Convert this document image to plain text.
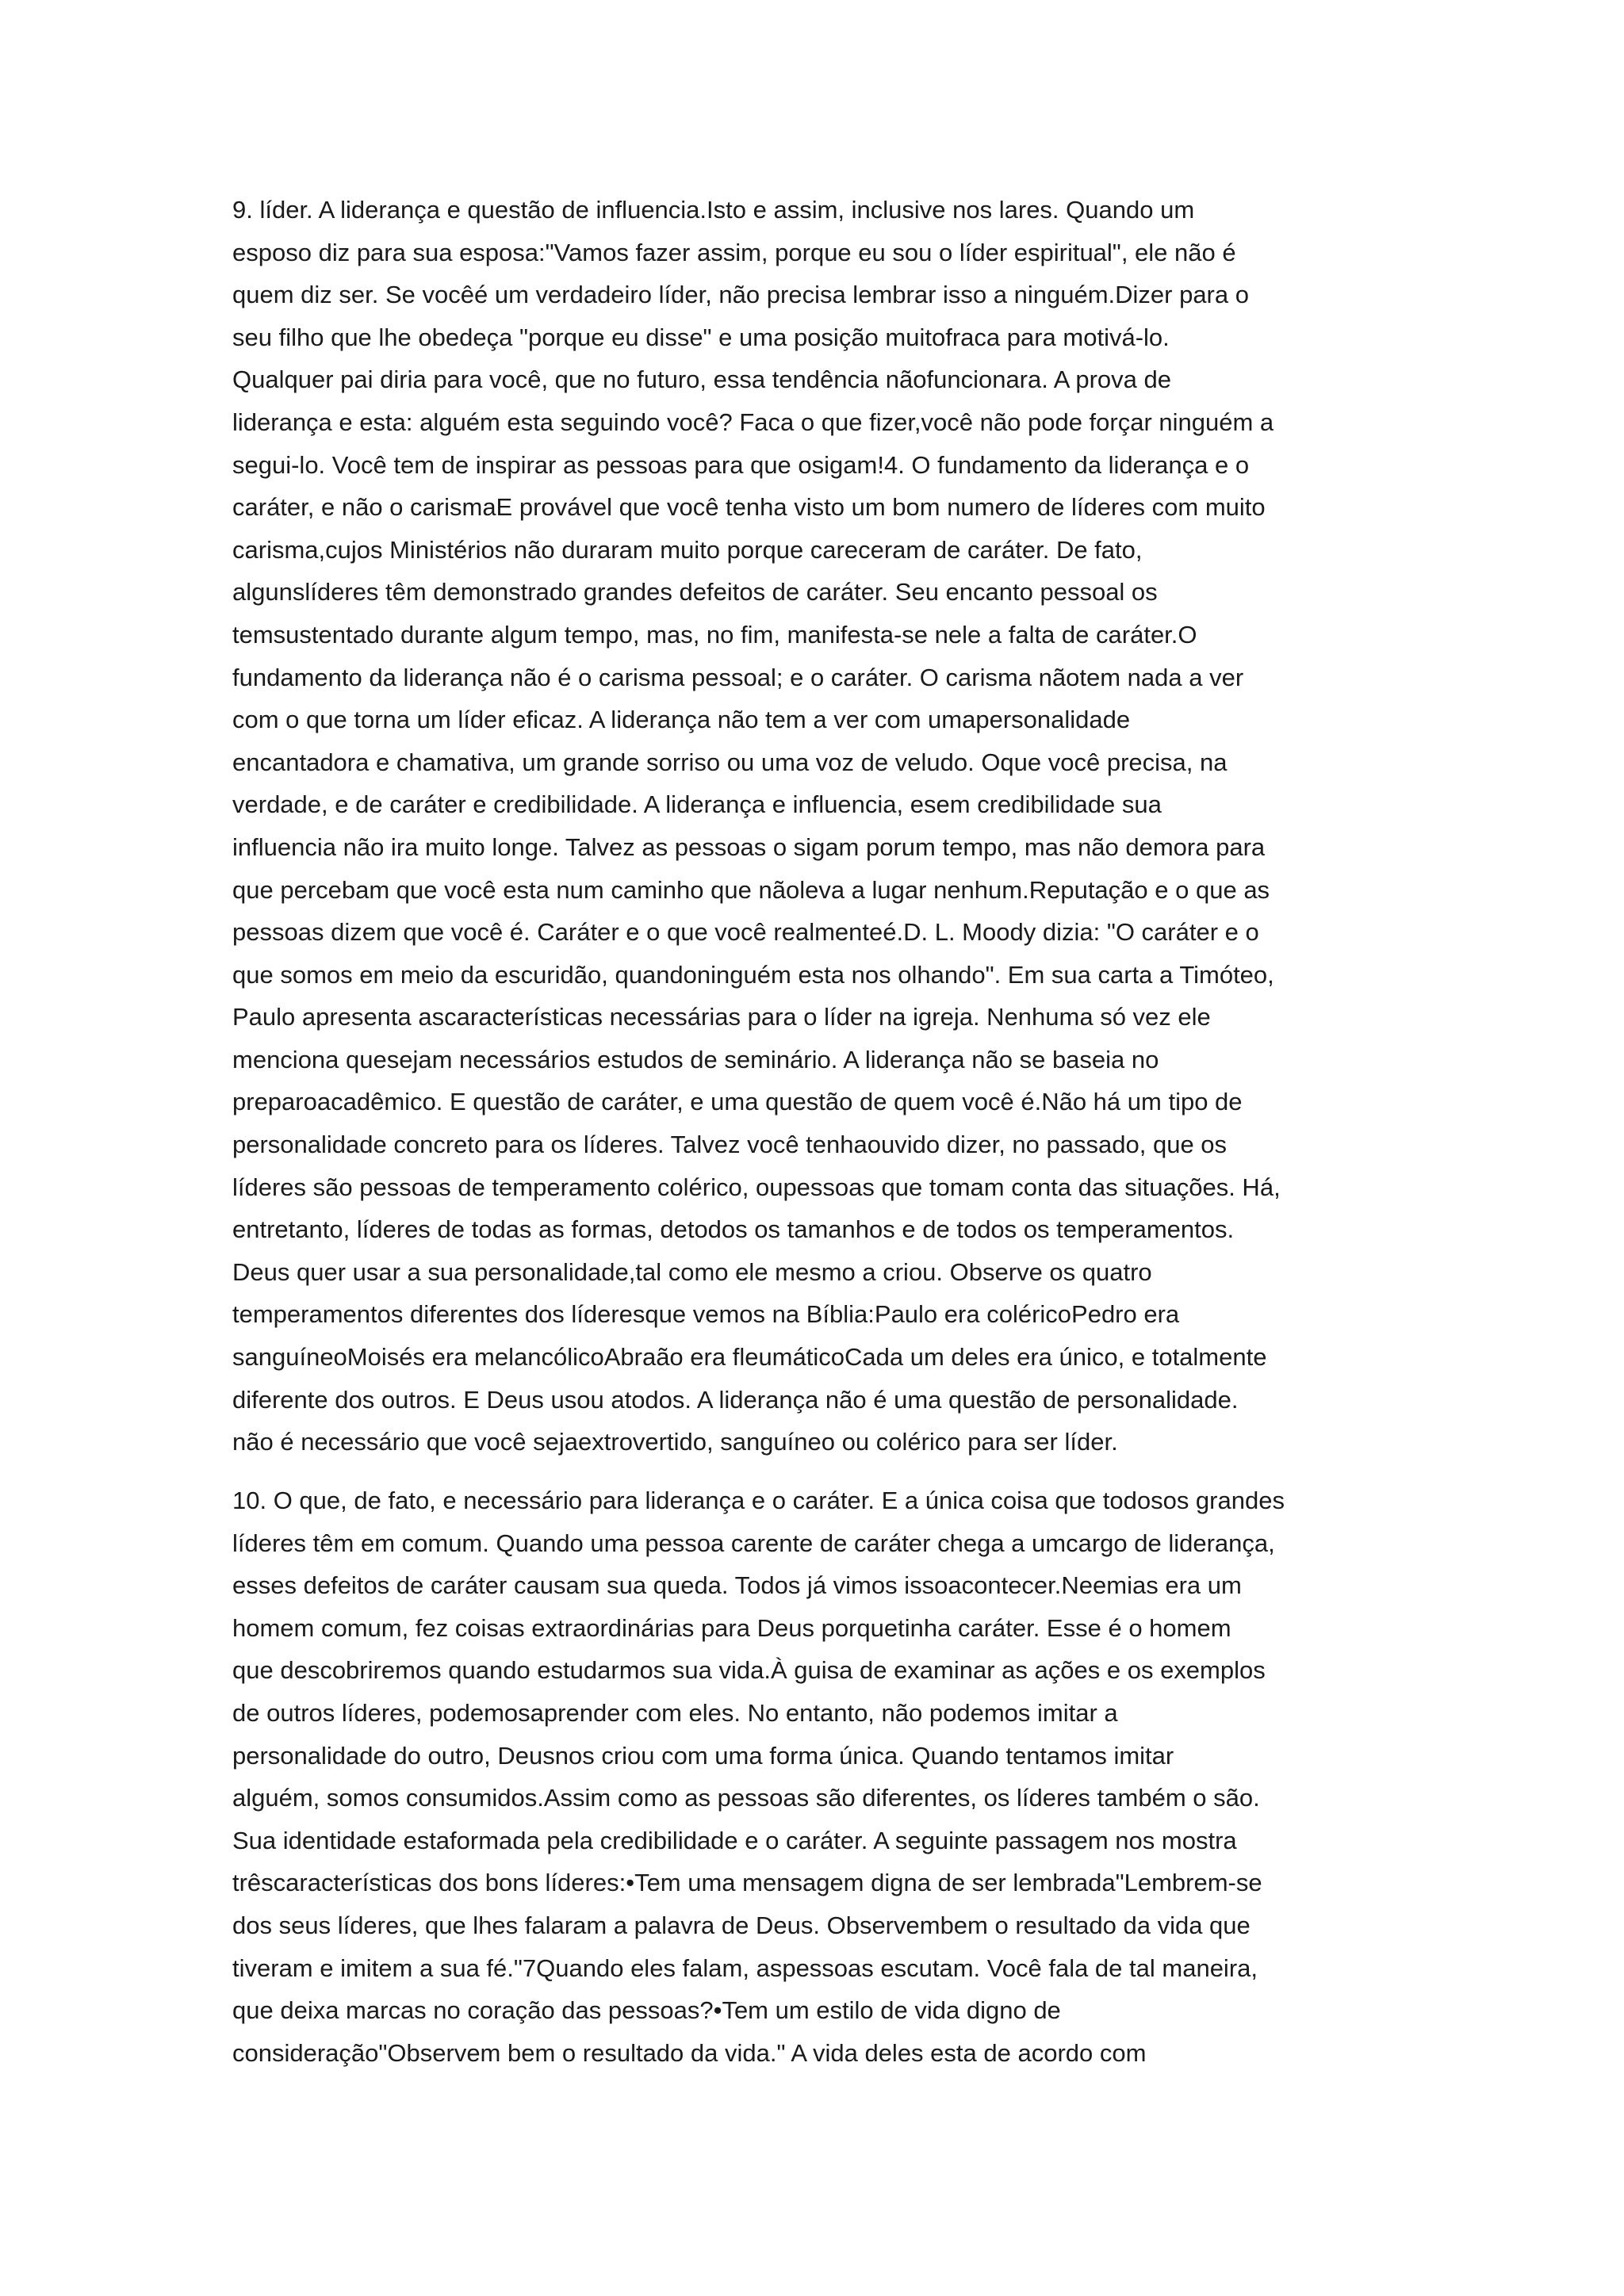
9. líder. A liderança e questão de influencia.Isto e assim, inclusive nos lares. Quando um

esposo diz para sua esposa:"Vamos fazer assim, porque eu sou o líder espiritual", ele não é

quem diz ser. Se vocêé um verdadeiro líder, não precisa lembrar isso a ninguém.Dizer para o

seu filho que lhe obedeça "porque eu disse" e uma posição muitofraca para motivá-lo.

Qualquer pai diria para você, que no futuro, essa tendência nãofuncionara. A prova de

liderança e esta: alguém esta seguindo você? Faca o que fizer,você não pode forçar ninguém a

segui-lo. Você tem de inspirar as pessoas para que osigam!4. O fundamento da liderança e o

caráter, e não o carismaE provável que você tenha visto um bom numero de líderes com muito

carisma,cujos Ministérios não duraram muito porque careceram de caráter. De fato,

algunslíderes têm demonstrado grandes defeitos de caráter. Seu encanto pessoal os

temsustentado durante algum tempo, mas, no fim, manifesta-se nele a falta de caráter.O

fundamento da liderança não é o carisma pessoal; e o caráter. O carisma nãotem nada a ver

com o que torna um líder eficaz. A liderança não tem a ver com umapersonalidade

encantadora e chamativa, um grande sorriso ou uma voz de veludo. Oque você precisa, na

verdade, e de caráter e credibilidade. A liderança e influencia, esem credibilidade sua

influencia não ira muito longe. Talvez as pessoas o sigam porum tempo, mas não demora para

que percebam que você esta num caminho que nãoleva a lugar nenhum.Reputação e o que as

pessoas dizem que você é. Caráter e o que você realmenteé.D. L. Moody dizia: "O caráter e o

que somos em meio da escuridão, quandoninguém esta nos olhando". Em sua carta a Timóteo,

Paulo apresenta ascaracterísticas necessárias para o líder na igreja. Nenhuma só vez ele

menciona quesejam necessários estudos de seminário. A liderança não se baseia no

preparoacadêmico. E questão de caráter, e uma questão de quem você é.Não há um tipo de

personalidade concreto para os líderes. Talvez você tenhaouvido dizer, no passado, que os

líderes são pessoas de temperamento colérico, oupessoas que tomam conta das situações. Há,

entretanto, líderes de todas as formas, detodos os tamanhos e de todos os temperamentos.

Deus quer usar a sua personalidade,tal como ele mesmo a criou. Observe os quatro

temperamentos diferentes dos líderesque vemos na Bíblia:Paulo era coléricoPedro era

sanguíneoMoisés era melancólicoAbraão era fleumáticoCada um deles era único, e totalmente

diferente dos outros. E Deus usou atodos. A liderança não é uma questão de personalidade.

não é necessário que você sejaextrovertido, sanguíneo ou colérico para ser líder.

10. O que, de fato, e necessário para liderança e o caráter. E a única coisa que todosos grandes

líderes têm em comum. Quando uma pessoa carente de caráter chega a umcargo de liderança,

esses defeitos de caráter causam sua queda. Todos já vimos issoacontecer.Neemias era um

homem comum, fez coisas extraordinárias para Deus porquetinha caráter. Esse é o homem

que descobriremos quando estudarmos sua vida.À guisa de examinar as ações e os exemplos

de outros líderes, podemosaprender com eles. No entanto, não podemos imitar a

personalidade do outro, Deusnos criou com uma forma única. Quando tentamos imitar

alguém, somos consumidos.Assim como as pessoas são diferentes, os líderes também o são.

Sua identidade estaformada pela credibilidade e o caráter. A seguinte passagem nos mostra

trêscaracterísticas dos bons líderes:•Tem uma mensagem digna de ser lembrada"Lembrem-se

dos seus líderes, que lhes falaram a palavra de Deus. Observembem o resultado da vida que

tiveram e imitem a sua fé."7Quando eles falam, aspessoas escutam. Você fala de tal maneira,

que deixa marcas no coração das pessoas?•Tem um estilo de vida digno de

consideração"Observem bem o resultado da vida." A vida deles esta de acordo com
